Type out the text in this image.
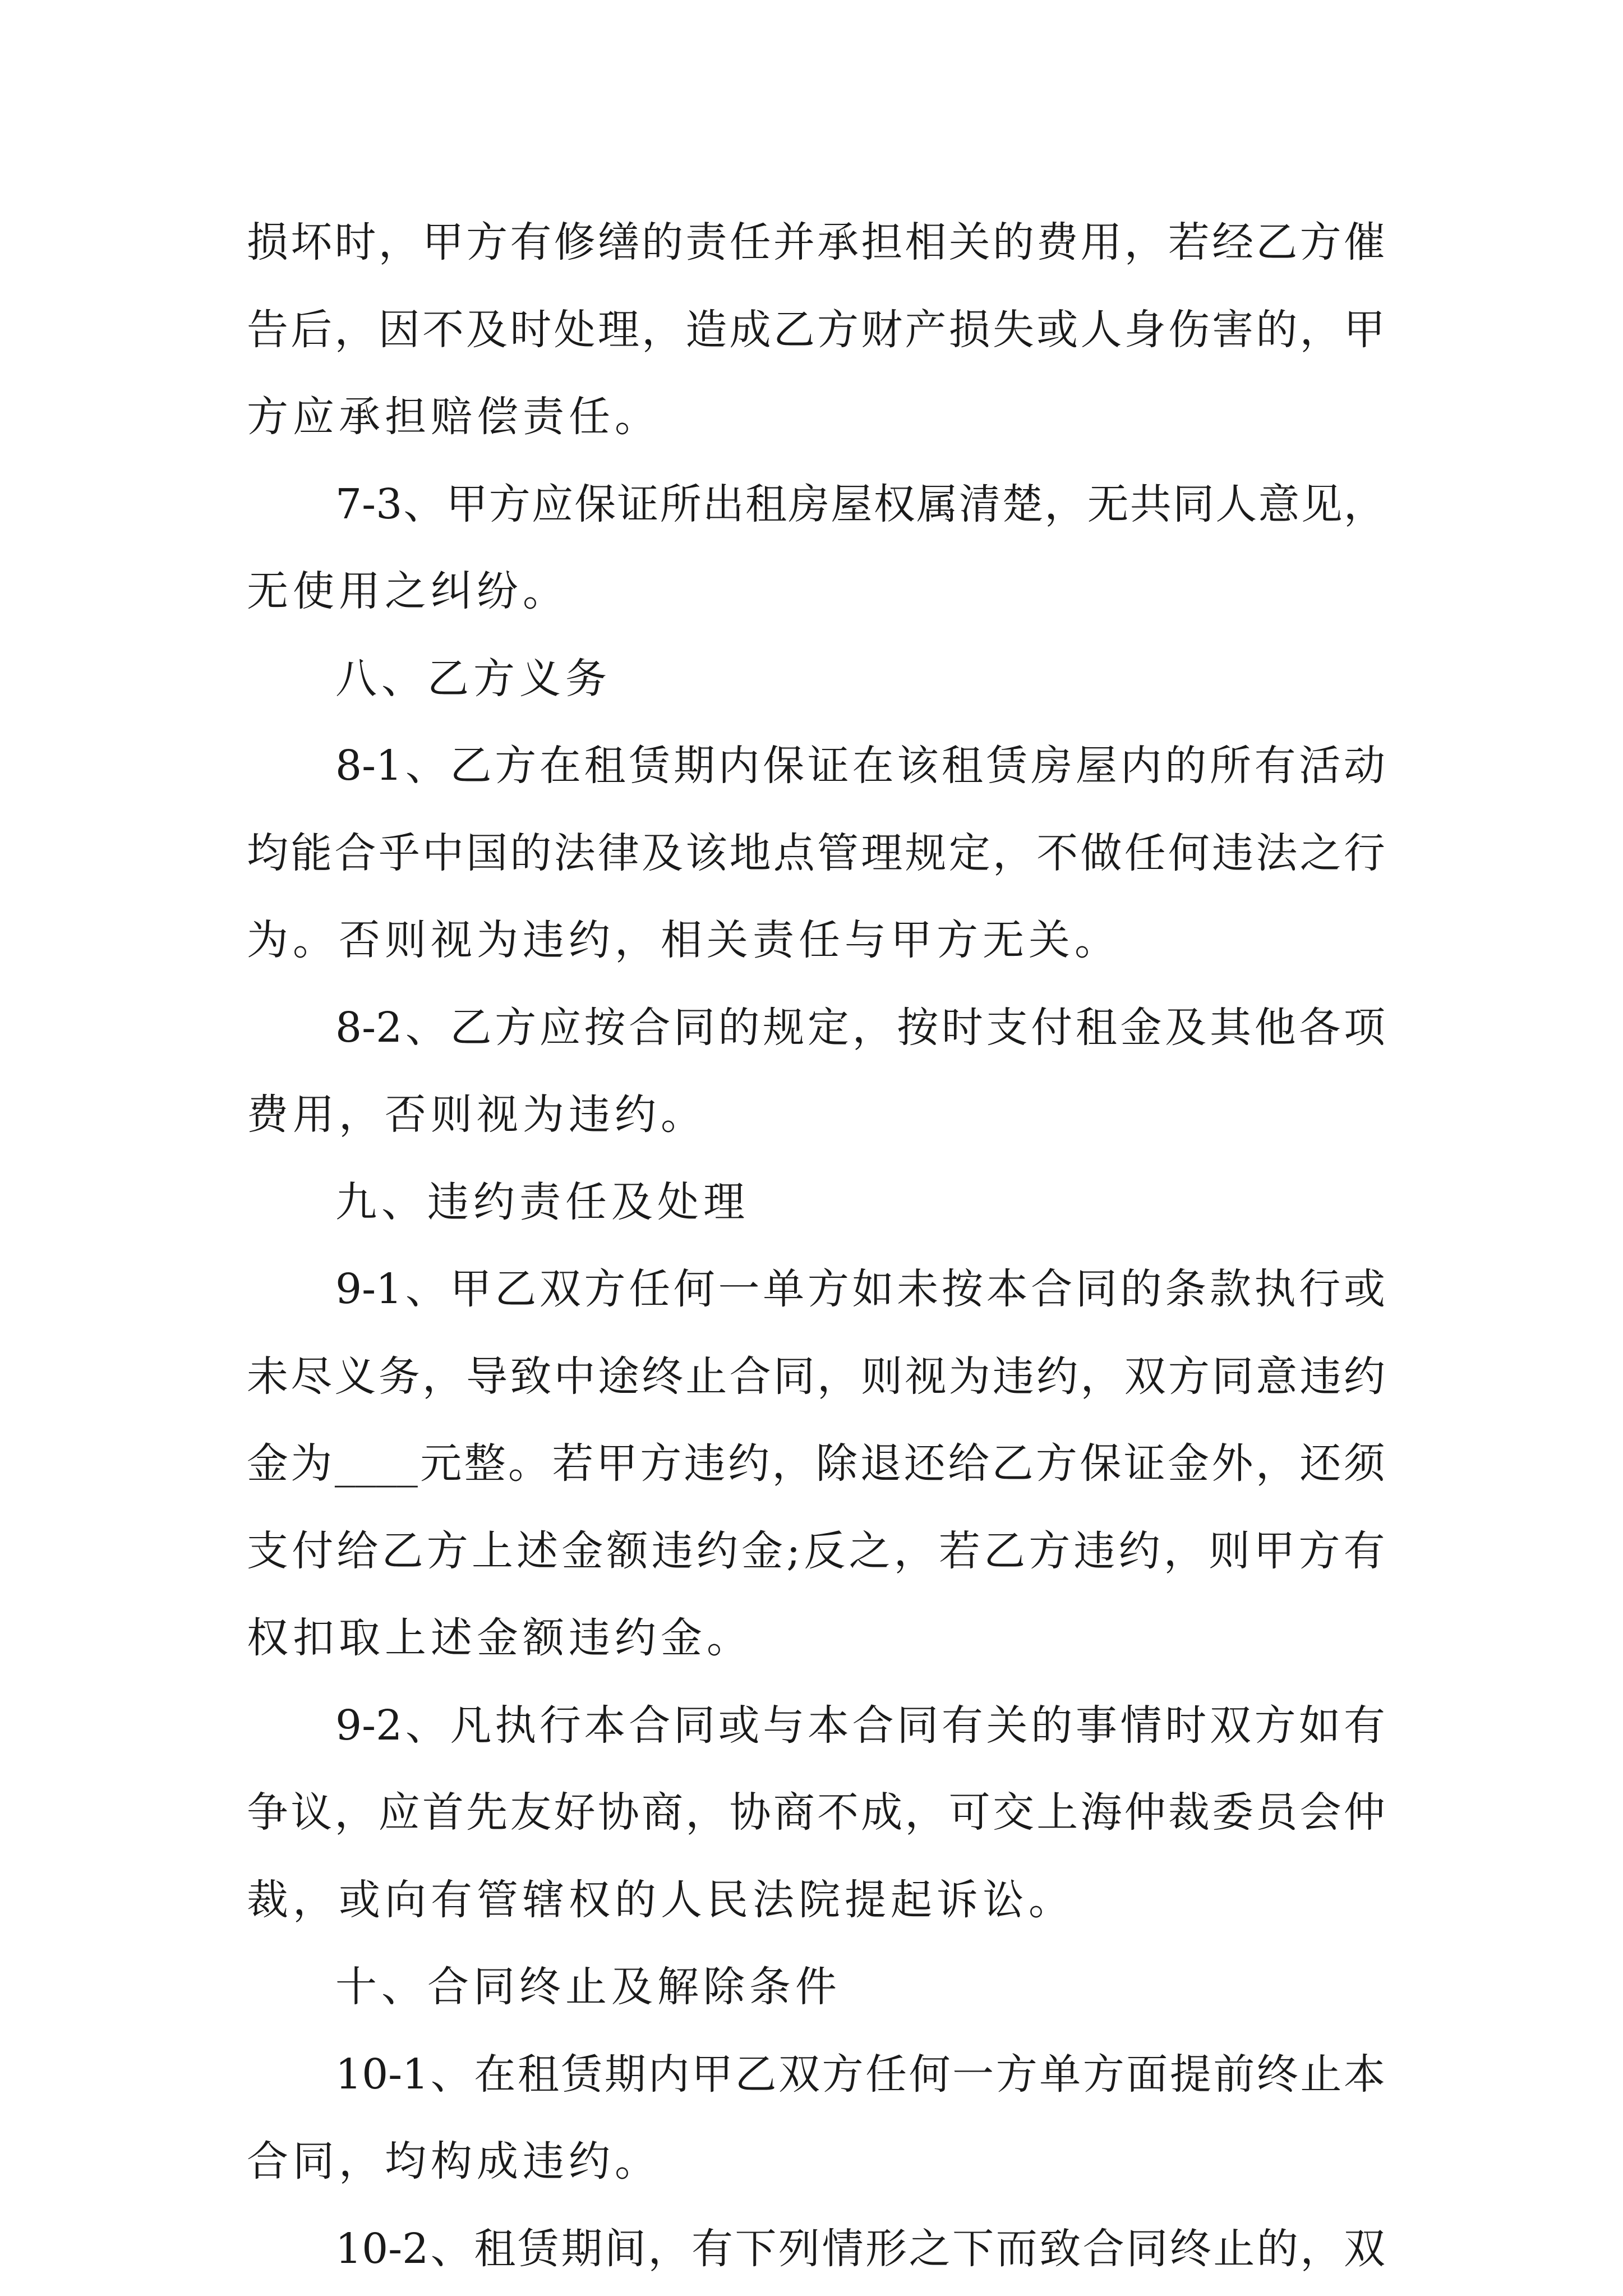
损 坏 时 ， 甲 方 有 修 缮 的 责 任 并 承 担 相 关 的 费 用 ， 若 经 乙 方 催
告 后 ， 因 不 及 时 处 理 ， 造 成 乙 方 财 产 损 失 或 人 身 伤 害 的 ， 甲
方应承担赔偿责任。
7-3 、 甲 方 应 保 证 所 出 租 房 屋 权 属 清 楚 ， 无 共 同 人 意 见 ，
无使用之纠纷。
八、乙方义务
8-1 、 乙 方 在 租 赁 期 内 保 证 在 该 租 赁 房 屋 内 的 所 有 活 动
均 能 合 乎 中 国 的 法 律 及 该 地 点 管 理 规 定 ， 不 做 任 何 违 法 之 行
为。否则视为违约，相关责任与甲方无关。
8-2 、 乙 方 应 按 合 同 的 规 定 ， 按 时 支 付 租 金 及 其 他 各 项
费用，否则视为违约。
九、违约责任及处理
9-1 、 甲 乙 双 方 任 何 一 单 方 如 未 按 本 合 同 的 条 款 执 行 或
未 尽 义 务 ， 导 致 中 途 终 止 合 同 ， 则 视 为 违 约 ， 双 方 同 意 违 约
金 为 ____ 元 整 。 若 甲 方 违 约 ， 除 退 还 给 乙 方 保 证 金 外 ， 还 须
支 付 给 乙 方 上 述 金 额 违 约 金 ; 反 之 ， 若 乙 方 违 约 ， 则 甲 方 有
权扣取上述金额违约金。
9-2 、 凡 执 行 本 合 同 或 与 本 合 同 有 关 的 事 情 时 双 方 如 有
争 议 ， 应 首 先 友 好 协 商 ， 协 商 不 成 ， 可 交 上 海 仲 裁 委 员 会 仲
裁，或向有管辖权的人民法院提起诉讼。
十、合同终止及解除条件
10-1 、 在 租 赁 期 内 甲 乙 双 方 任 何 一 方 单 方 面 提 前 终 止 本
合同，均构成违约。
10-2 、 租 赁 期 间 ， 有 下 列 情 形 之 下 而 致 合 同 终 止 的 ， 双
